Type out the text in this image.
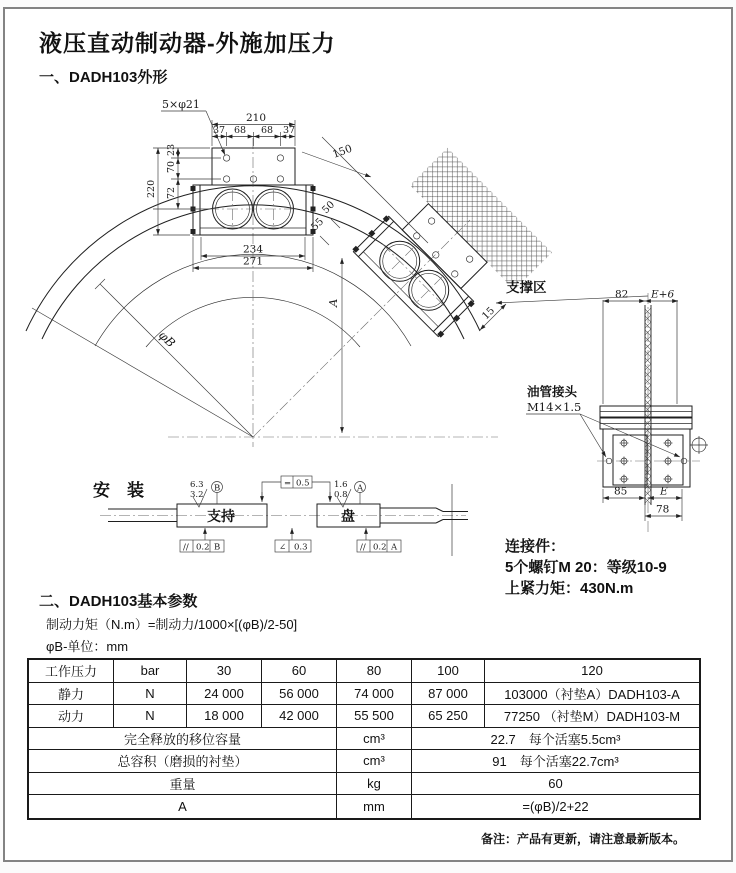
液压直动制动器-外施加压力
一、DADH103外形
安　装
5×φ21
210
37 68 68 37
23
70
72
220
234
271
150
50
55
A
φB
支撑区
15
82 E+6
85	E
78
油管接头
M14×1.5
支持	盘
6.3
3.2
B	= 0.5	1.6
0.8
A
// 0.2 B	∠ 0.3	// 0.2 A	连接件：
5个螺钉M 20：等级10-9
上紧力矩：430N.m
二、DADH103基本参数
制动力矩（N.m）=制动力/1000×[(φB)/2-50]
φB-单位：mm
工作压力	bar	30	60	80	100	120
静力	N	24 000	56 000	74 000	87 000	103000（衬垫A）DADH103-A
动力	N	18 000	42 000	55 500	65 250	77250 （衬垫M）DADH103-M
完全释放的移位容量	cm³	22.7　每个活塞5.5cm³
总容积（磨损的衬垫）	cm³	91　每个活塞22.7cm³
重量	kg	60
A	mm	=(φB)/2+22
备注：产品有更新，请注意最新版本。
